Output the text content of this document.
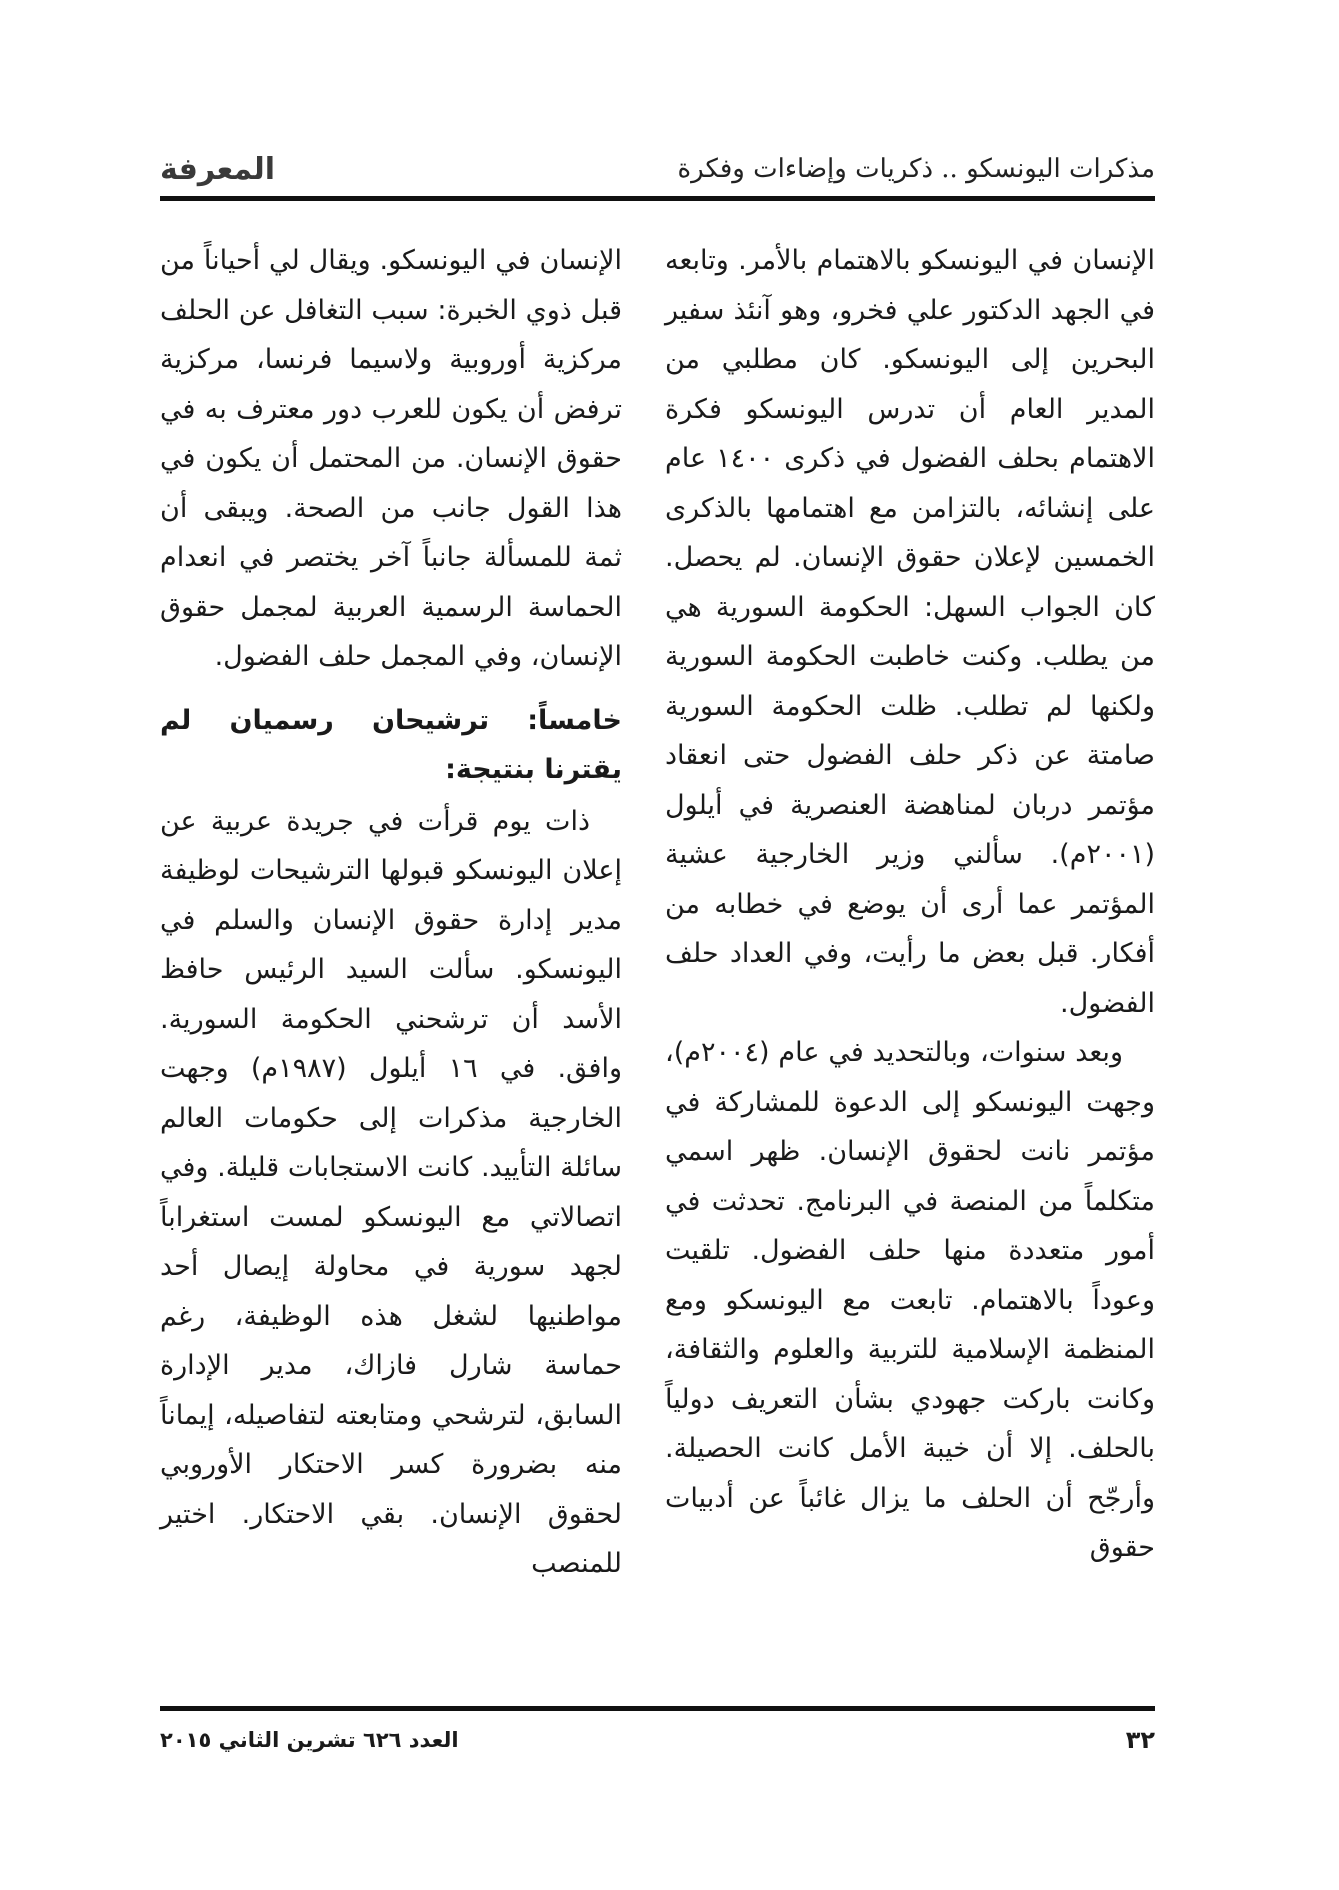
المعرفة	مذكرات اليونسكو .. ذكريات وإضاءات وفكرة

الإنسان في اليونسكو بالاهتمام بالأمر. وتابعه في الجهد الدكتور علي فخرو، وهو آنئذ سفير البحرين إلى اليونسكو. كان مطلبي من المدير العام أن تدرس اليونسكو فكرة الاهتمام بحلف الفضول في ذكرى ١٤٠٠ عام على إنشائه، بالتزامن مع اهتمامها بالذكرى الخمسين لإعلان حقوق الإنسان. لم يحصل. كان الجواب السهل: الحكومة السورية هي من يطلب. وكنت خاطبت الحكومة السورية ولكنها لم تطلب. ظلت الحكومة السورية صامتة عن ذكر حلف الفضول حتى انعقاد مؤتمر دربان لمناهضة العنصرية في أيلول (٢٠٠١م). سألني وزير الخارجية عشية المؤتمر عما أرى أن يوضع في خطابه من أفكار. قبل بعض ما رأيت، وفي العداد حلف الفضول.

وبعد سنوات، وبالتحديد في عام (٢٠٠٤م)، وجهت اليونسكو إلى الدعوة للمشاركة في مؤتمر نانت لحقوق الإنسان. ظهر اسمي متكلماً من المنصة في البرنامج. تحدثت في أمور متعددة منها حلف الفضول. تلقيت وعوداً بالاهتمام. تابعت مع اليونسكو ومع المنظمة الإسلامية للتربية والعلوم والثقافة، وكانت باركت جهودي بشأن التعريف دولياً بالحلف. إلا أن خيبة الأمل كانت الحصيلة. وأرجّح أن الحلف ما يزال غائباً عن أدبيات حقوق

الإنسان في اليونسكو. ويقال لي أحياناً من قبل ذوي الخبرة: سبب التغافل عن الحلف مركزية أوروبية ولاسيما فرنسا، مركزية ترفض أن يكون للعرب دور معترف به في حقوق الإنسان. من المحتمل أن يكون في هذا القول جانب من الصحة. ويبقى أن ثمة للمسألة جانباً آخر يختصر في انعدام الحماسة الرسمية العربية لمجمل حقوق الإنسان، وفي المجمل حلف الفضول.

خامساً: ترشيحان رسميان لم يقترنا بنتيجة:

ذات يوم قرأت في جريدة عربية عن إعلان اليونسكو قبولها الترشيحات لوظيفة مدير إدارة حقوق الإنسان والسلم في اليونسكو. سألت السيد الرئيس حافظ الأسد أن ترشحني الحكومة السورية. وافق. في ١٦ أيلول (١٩٨٧م) وجهت الخارجية مذكرات إلى حكومات العالم سائلة التأييد. كانت الاستجابات قليلة. وفي اتصالاتي مع اليونسكو لمست استغراباً لجهد سورية في محاولة إيصال أحد مواطنيها لشغل هذه الوظيفة، رغم حماسة شارل فازاك، مدير الإدارة السابق، لترشحي ومتابعته لتفاصيله، إيماناً منه بضرورة كسر الاحتكار الأوروبي لحقوق الإنسان. بقي الاحتكار. اختير للمنصب

٣٢
العدد ٦٢٦ تشرين الثاني ٢٠١٥
